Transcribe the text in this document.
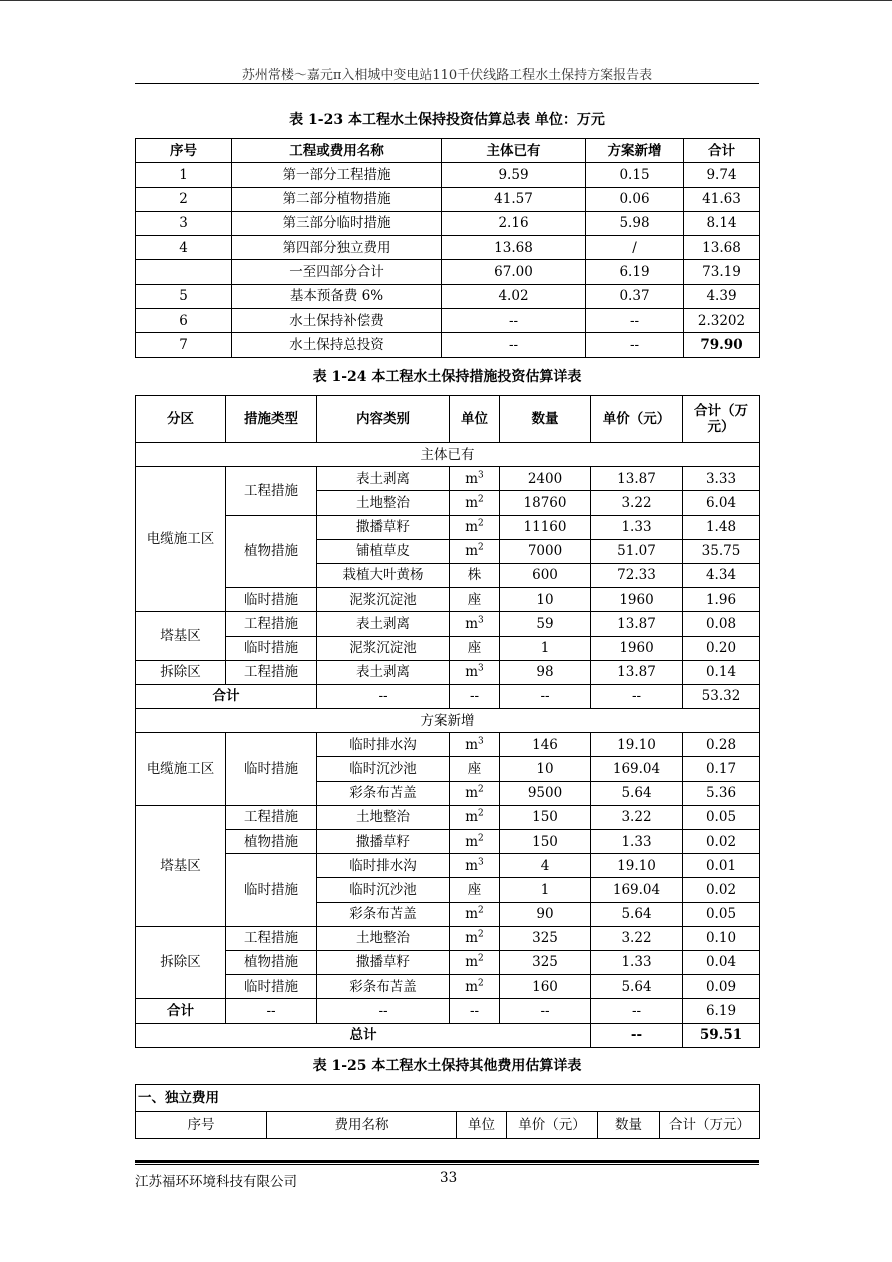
苏州常楼～嘉元π入相城中变电站110千伏线路工程水土保持方案报告表
表 1-23 本工程水土保持投资估算总表 单位：万元
序号	工程或费用名称	主体已有	方案新增	合计
1	第一部分工程措施	9.59	0.15	9.74
2	第二部分植物措施	41.57	0.06	41.63
3	第三部分临时措施	2.16	5.98	8.14
4	第四部分独立费用	13.68	/	13.68
	一至四部分合计	67.00	6.19	73.19
5	基本预备费 6%	4.02	0.37	4.39
6	水土保持补偿费	--	--	2.3202
7	水土保持总投资	--	--	79.90
表 1-24 本工程水土保持措施投资估算详表
分区	措施类型	内容类别	单位	数量	单价（元）	合计（万元）
主体已有						
电缆施工区	工程措施	表土剥离	$m^3$	2400	13.87	3.33
		土地整治	$m^2$	18760	3.22	6.04
	植物措施	撒播草籽	$m^2$	11160	1.33	1.48
		铺植草皮	$m^2$	7000	51.07	35.75
		栽植大叶黄杨	株	600	72.33	4.34
	临时措施	泥浆沉淀池	座	10	1960	1.96
塔基区	工程措施	表土剥离	$m^3$	59	13.87	0.08
	临时措施	泥浆沉淀池	座	1	1960	0.20
拆除区	工程措施	表土剥离	$m^3$	98	13.87	0.14
合计		--	--	--	--	53.32
方案新增						
电缆施工区	临时措施	临时排水沟	$m^3$	146	19.10	0.28
		临时沉沙池	座	10	169.04	0.17
		彩条布苫盖	$m^2$	9500	5.64	5.36
塔基区	工程措施	土地整治	$m^2$	150	3.22	0.05
	植物措施	撒播草籽	$m^2$	150	1.33	0.02
	临时措施	临时排水沟	$m^3$	4	19.10	0.01
		临时沉沙池	座	1	169.04	0.02
		彩条布苫盖	$m^2$	90	5.64	0.05
拆除区	工程措施	土地整治	$m^2$	325	3.22	0.10
	植物措施	撒播草籽	$m^2$	325	1.33	0.04
	临时措施	彩条布苫盖	$m^2$	160	5.64	0.09
合计	--	--	--	--	--	6.19
总计					--	59.51
表 1-25 本工程水土保持其他费用估算详表
一、独立费用
序号	费用名称	单位	单价（元）	数量	合计（万元）
江苏福环环境科技有限公司	33
